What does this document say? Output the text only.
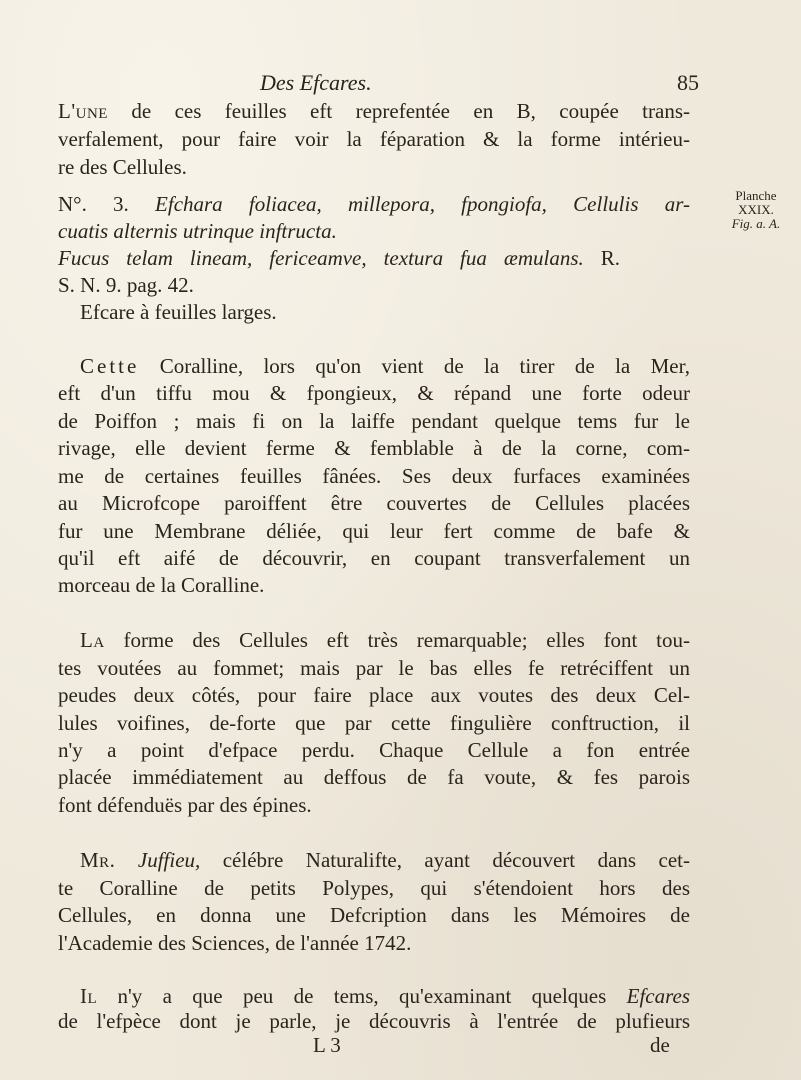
Des Efcares.	85
L'une de ces feuilles eft reprefentée en B, coupée trans-
verfalement, pour faire voir la féparation & la forme intérieu-
re des Cellules.
N°. 3. Efchara foliacea, millepora, fpongiofa, Cellulis ar-
cuatis alternis utrinque inftructa.
Fucus telam lineam, fericeamve, textura fua æmulans. R.
S. N. 9. pag. 42.
Efcare à feuilles larges.
Planche
XXIX.
Fig. a. A.
Cette Coralline, lors qu'on vient de la tirer de la Mer,
eft d'un tiffu mou & fpongieux, & répand une forte odeur
de Poiffon ; mais fi on la laiffe pendant quelque tems fur le
rivage, elle devient ferme & femblable à de la corne, com-
me de certaines feuilles fânées. Ses deux furfaces examinées
au Microfcope paroiffent être couvertes de Cellules placées
fur une Membrane déliée, qui leur fert comme de bafe &
qu'il eft aifé de découvrir, en coupant transverfalement un
morceau de la Coralline.
La forme des Cellules eft très remarquable; elles font tou-
tes voutées au fommet; mais par le bas elles fe retréciffent un
peudes deux côtés, pour faire place aux voutes des deux Cel-
lules voifines, de-forte que par cette fingulière conftruction, il
n'y a point d'efpace perdu. Chaque Cellule a fon entrée
placée immédiatement au deffous de fa voute, & fes parois
font défenduës par des épines.
Mr. Juffieu, célébre Naturalifte, ayant découvert dans cet-
te Coralline de petits Polypes, qui s'étendoient hors des
Cellules, en donna une Defcription dans les Mémoires de
l'Academie des Sciences, de l'année 1742.
Il n'y a que peu de tems, qu'examinant quelques Efcares
de l'efpèce dont je parle, je découvris à l'entrée de plufieurs
L 3	de
